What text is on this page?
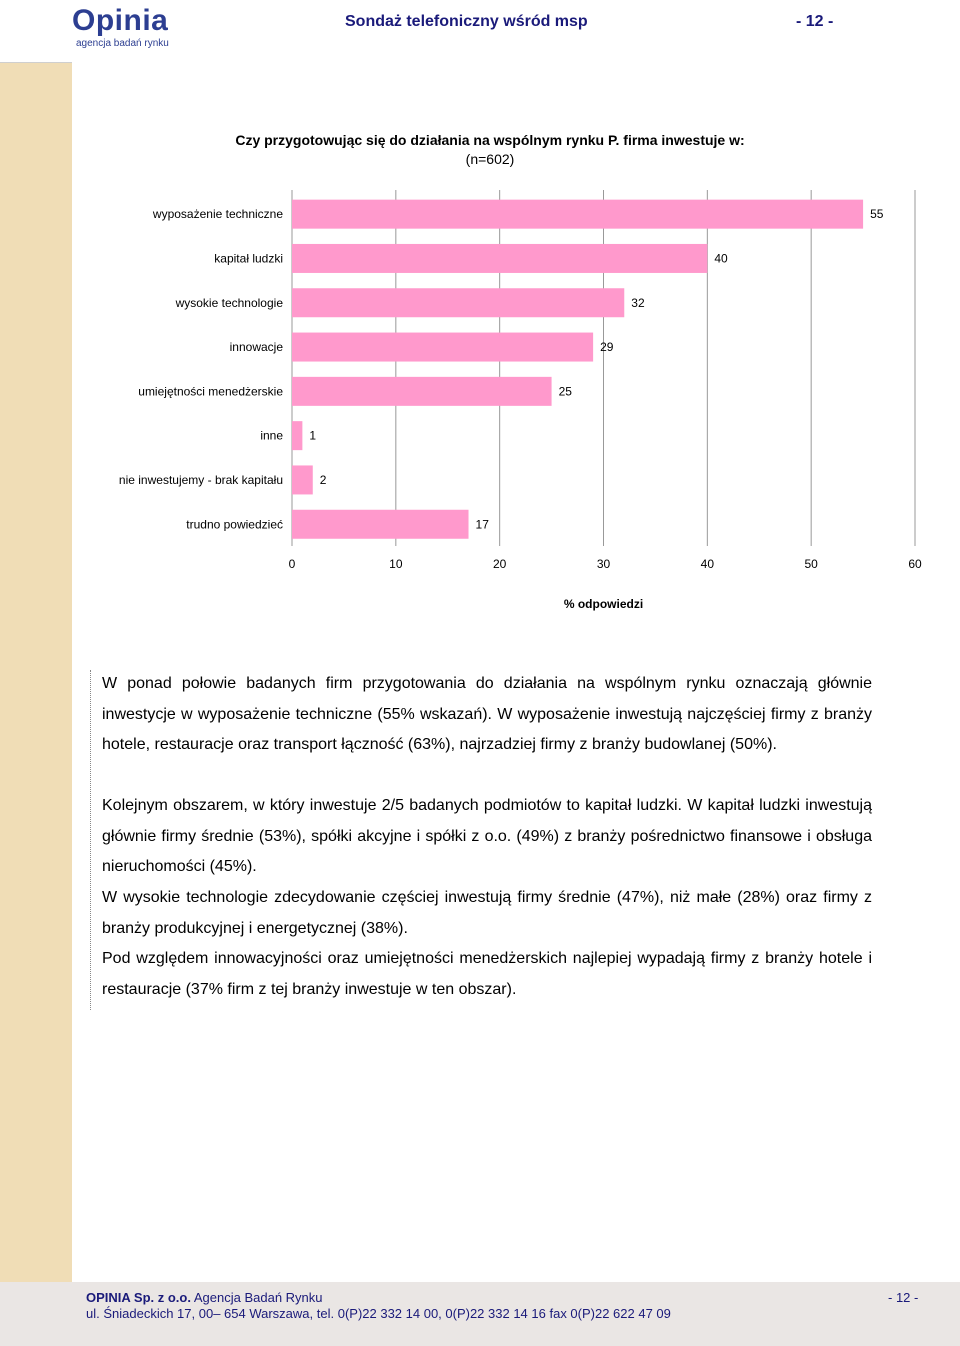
Opinia
agencja badań rynku
Sondaż telefoniczny wśród msp	- 12 -
Czy przygotowując się do działania na wspólnym rynku P. firma inwestuje w:
(n=602)
wyposażenie techniczne	55
kapitał ludzki	40
wysokie technologie	32
innowacje	29
umiejętności menedżerskie	25
inne 1
nie inwestujemy - brak kapitału	2
trudno powiedzieć	17
0	10	20	30	40	50	60
% odpowiedzi
W ponad połowie badanych firm przygotowania do działania na wspólnym rynku oznaczają głównie inwestycje w wyposażenie techniczne (55% wskazań). W wyposażenie inwestują najczęściej firmy z branży hotele, restauracje oraz transport łączność (63%), najrzadziej firmy z branży budowlanej (50%).
Kolejnym obszarem, w który inwestuje 2/5 badanych podmiotów to kapitał ludzki. W kapitał ludzki inwestują głównie firmy średnie (53%), spółki akcyjne i spółki z o.o. (49%) z branży pośrednictwo finansowe i obsługa nieruchomości (45%).
W wysokie technologie zdecydowanie częściej inwestują firmy średnie (47%), niż małe (28%) oraz firmy z branży produkcyjnej i energetycznej (38%).
Pod względem innowacyjności oraz umiejętności menedżerskich najlepiej wypadają firmy z branży hotele i restauracje (37% firm z tej branży inwestuje w ten obszar).
OPINIA Sp. z o.o. Agencja Badań Rynku
ul. Śniadeckich 17, 00– 654 Warszawa, tel. 0(P)22 332 14 00, 0(P)22 332 14 16 fax 0(P)22 622 47 09
- 12 -
